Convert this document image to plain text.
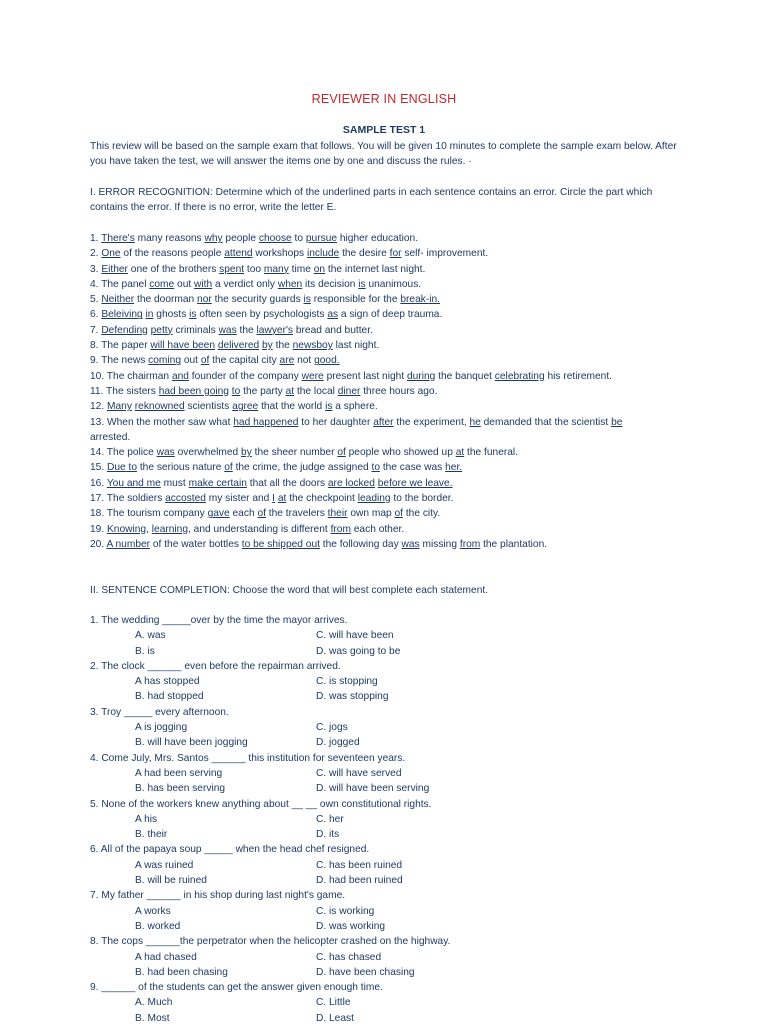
REVIEWER IN ENGLISH
SAMPLE TEST 1
This review will be based on the sample exam that follows. You will be given 10 minutes to complete the sample exam below. After you have taken the test, we will answer the items one by one and discuss the rules. ·
I. ERROR RECOGNITION: Determine which of the underlined parts in each sentence contains an error. Circle the part which contains the error. If there is no error, write the letter E.
1. There's many reasons why people choose to pursue higher education.
2. One of the reasons people attend workshops include the desire for self- improvement.
3. Either one of the brothers spent too many time on the internet last night.
4. The panel come out with a verdict only when its decision is unanimous.
5. Neither the doorman nor the security guards is responsible for the break-in.
6. Beleiving in ghosts is often seen by psychologists as a sign of deep trauma.
7. Defending petty criminals was the lawyer's bread and butter.
8. The paper will have been delivered by the newsboy last night.
9. The news coming out of the capital city are not good.
10. The chairman and founder of the company were present last night during the banquet celebrating his retirement.
11. The sisters had been going to the party at the local diner three hours ago.
12. Many reknowned scientists agree that the world is a sphere.
13. When the mother saw what had happened to her daughter after the experiment, he demanded that the scientist be arrested.
14. The police was overwhelmed by the sheer number of people who showed up at the funeral.
15. Due to the serious nature of the crime, the judge assigned to the case was her.
16. You and me must make certain that all the doors are locked before we leave.
17. The soldiers accosted my sister and I at the checkpoint leading to the border.
18. The tourism company gave each of the travelers their own map of the city.
19. Knowing, learning, and understanding is different from each other.
20. A number of the water bottles to be shipped out the following day was missing from the plantation.
II. SENTENCE COMPLETION: Choose the word that will best complete each statement.
1. The wedding _____over by the time the mayor arrives.
A. was	C. will have been
B. is	D. was going to be
2. The clock ______ even before the repairman arrived.
A has stopped	C. is stopping
B. had stopped	D. was stopping
3. Troy _____ every afternoon.
A is jogging	C. jogs
B. will have been jogging	D. jogged
4. Come July, Mrs. Santos ______ this institution for seventeen years.
A had been serving	C. will have served
B. has been serving	D. will have been serving
5. None of the workers knew anything about __ __ own constitutional rights.
A his	C. her
B. their	D. its
6. All of the papaya soup _____ when the head chef resigned.
A was ruined	C. has been ruined
B. will be ruined	D. had been ruined
7. My father ______ in his shop during last night's game.
A works	C. is working
B. worked	D. was working
8. The cops ______the perpetrator when the helicopter crashed on the highway.
A had chased	C. has chased
B. had been chasing	D. have been chasing
9. ______ of the students can get the answer given enough time.
A. Much	C. Little
B. Most	D. Least
